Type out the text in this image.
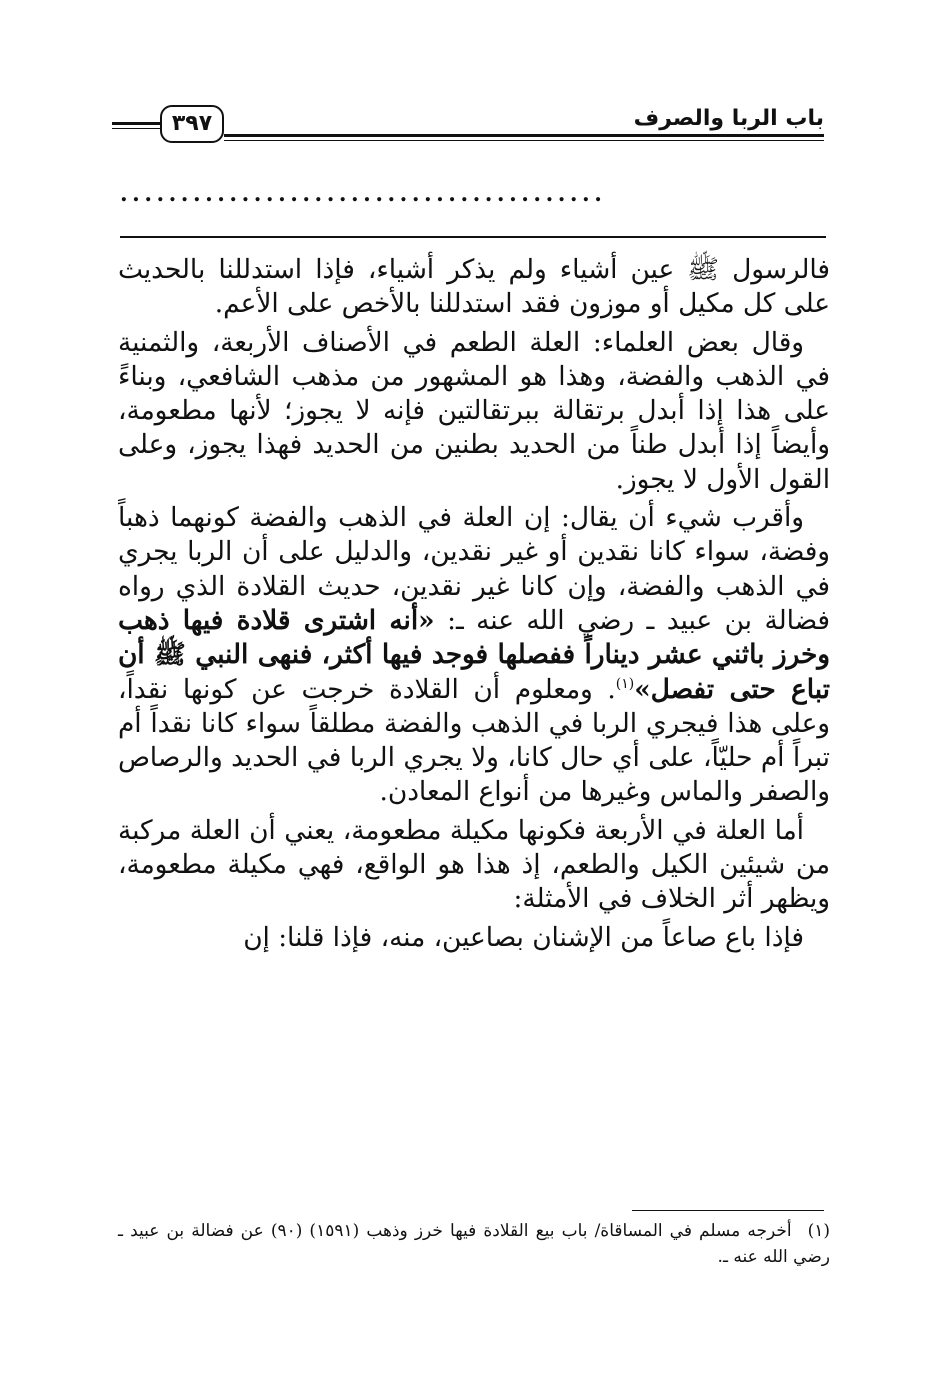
٣٩٧	باب الربا والصرف
........................................

فالرسول ﷺ عين أشياء ولم يذكر أشياء، فإذا استدللنا بالحديث على كل مكيل أو موزون فقد استدللنا بالأخص على الأعم.

وقال بعض العلماء: العلة الطعم في الأصناف الأربعة، والثمنية في الذهب والفضة، وهذا هو المشهور من مذهب الشافعي، وبناءً على هذا إذا أبدل برتقالة ببرتقالتين فإنه لا يجوز؛ لأنها مطعومة، وأيضاً إذا أبدل طناً من الحديد بطنين من الحديد فهذا يجوز، وعلى القول الأول لا يجوز.

وأقرب شيء أن يقال: إن العلة في الذهب والفضة كونهما ذهباً وفضة، سواء كانا نقدين أو غير نقدين، والدليل على أن الربا يجري في الذهب والفضة، وإن كانا غير نقدين، حديث القلادة الذي رواه فضالة بن عبيد ـ رضي الله عنه ـ: «أنه اشترى قلادة فيها ذهب وخرز باثني عشر ديناراً ففصلها فوجد فيها أكثر، فنهى النبي ﷺ أن تباع حتى تفصل»$^{(١)}$. ومعلوم أن القلادة خرجت عن كونها نقداً، وعلى هذا فيجري الربا في الذهب والفضة مطلقاً سواء كانا نقداً أم تبراً أم حليّاً، على أي حال كانا، ولا يجري الربا في الحديد والرصاص والصفر والماس وغيرها من أنواع المعادن.

أما العلة في الأربعة فكونها مكيلة مطعومة، يعني أن العلة مركبة من شيئين الكيل والطعم، إذ هذا هو الواقع، فهي مكيلة مطعومة، ويظهر أثر الخلاف في الأمثلة:

فإذا باع صاعاً من الإشنان بصاعين، منه، فإذا قلنا: إن

(١)أخرجه مسلم في المساقاة/ باب بيع القلادة فيها خرز وذهب (١٥٩١) (٩٠) عن فضالة بن عبيد ـ رضي الله عنه ـ.
